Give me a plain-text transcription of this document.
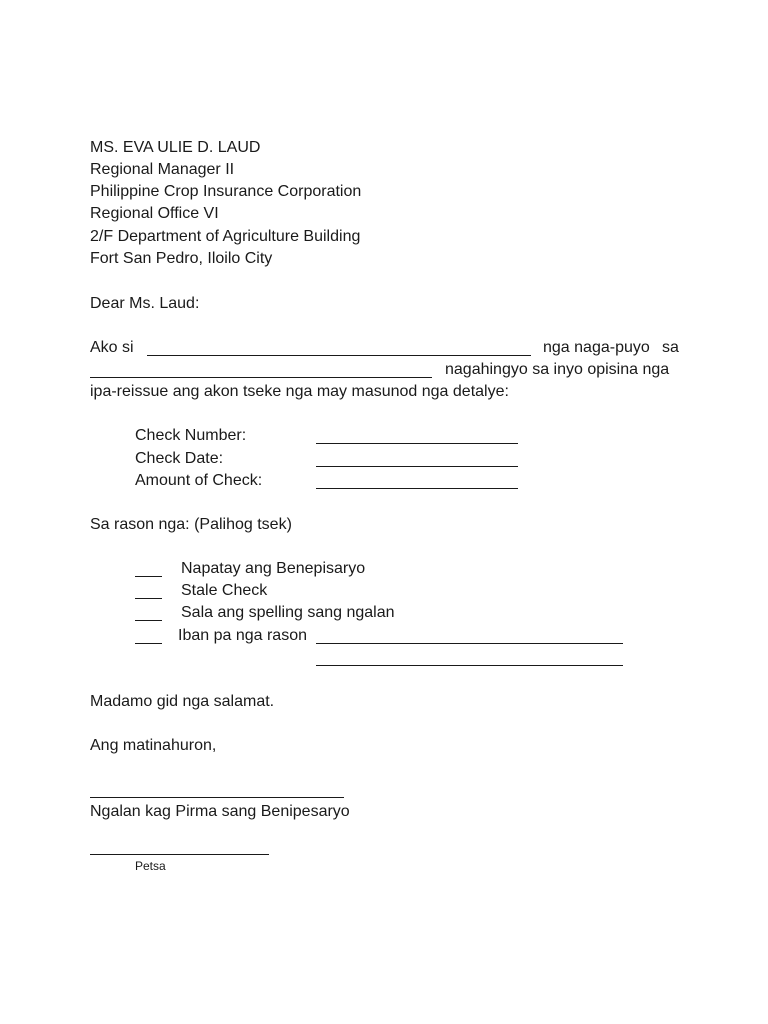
MS. EVA ULIE D. LAUD
Regional Manager II
Philippine Crop Insurance Corporation
Regional Office VI
2/F Department of Agriculture Building
Fort San Pedro, Iloilo City
Dear Ms. Laud:
Ako si	nga naga-puyo sa
nagahingyo sa inyo opisina nga
ipa-reissue ang akon tseke nga may masunod nga detalye:
Check Number:
Check Date:
Amount of Check:
Sa rason nga: (Palihog tsek)
Napatay ang Benepisaryo
Stale Check
Sala ang spelling sang ngalan
Iban pa nga rason
Madamo gid nga salamat.
Ang matinahuron,
Ngalan kag Pirma sang Benipesaryo
Petsa
